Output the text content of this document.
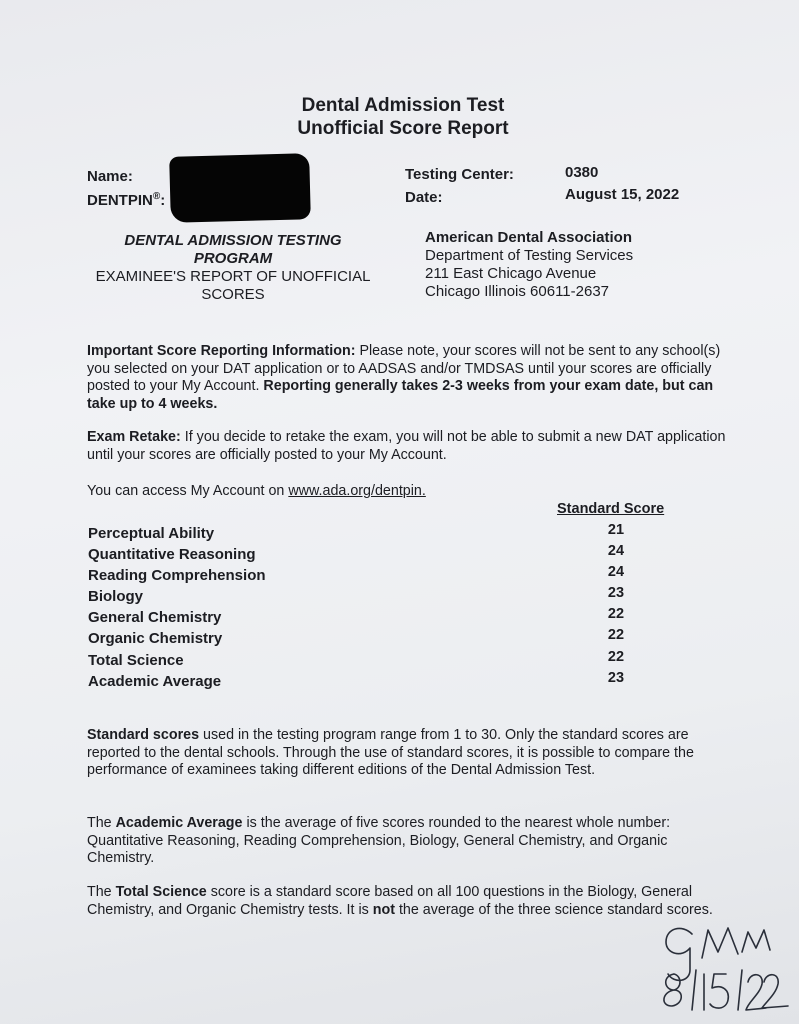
Dental Admission Test
Unofficial Score Report
Name:
DENTPIN®:
Testing Center:	0380
Date:	August 15, 2022
DENTAL ADMISSION TESTING
PROGRAM
EXAMINEE'S REPORT OF UNOFFICIAL
SCORES
American Dental Association
Department of Testing Services
211 East Chicago Avenue
Chicago Illinois 60611-2637
Important Score Reporting Information: Please note, your scores will not be sent to any school(s) you selected on your DAT application or to AADSAS and/or TMDSAS until your scores are officially posted to your My Account. Reporting generally takes 2-3 weeks from your exam date, but can take up to 4 weeks.
Exam Retake: If you decide to retake the exam, you will not be able to submit a new DAT application until your scores are officially posted to your My Account.
You can access My Account on www.ada.org/dentpin.
Standard Score
Perceptual Ability	21
Quantitative Reasoning	24
Reading Comprehension	24
Biology	23
General Chemistry	22
Organic Chemistry	22
Total Science	22
Academic Average	23
Standard scores used in the testing program range from 1 to 30. Only the standard scores are reported to the dental schools. Through the use of standard scores, it is possible to compare the performance of examinees taking different editions of the Dental Admission Test.
The Academic Average is the average of five scores rounded to the nearest whole number: Quantitative Reasoning, Reading Comprehension, Biology, General Chemistry, and Organic Chemistry.
The Total Science score is a standard score based on all 100 questions in the Biology, General Chemistry, and Organic Chemistry tests. It is not the average of the three science standard scores.
